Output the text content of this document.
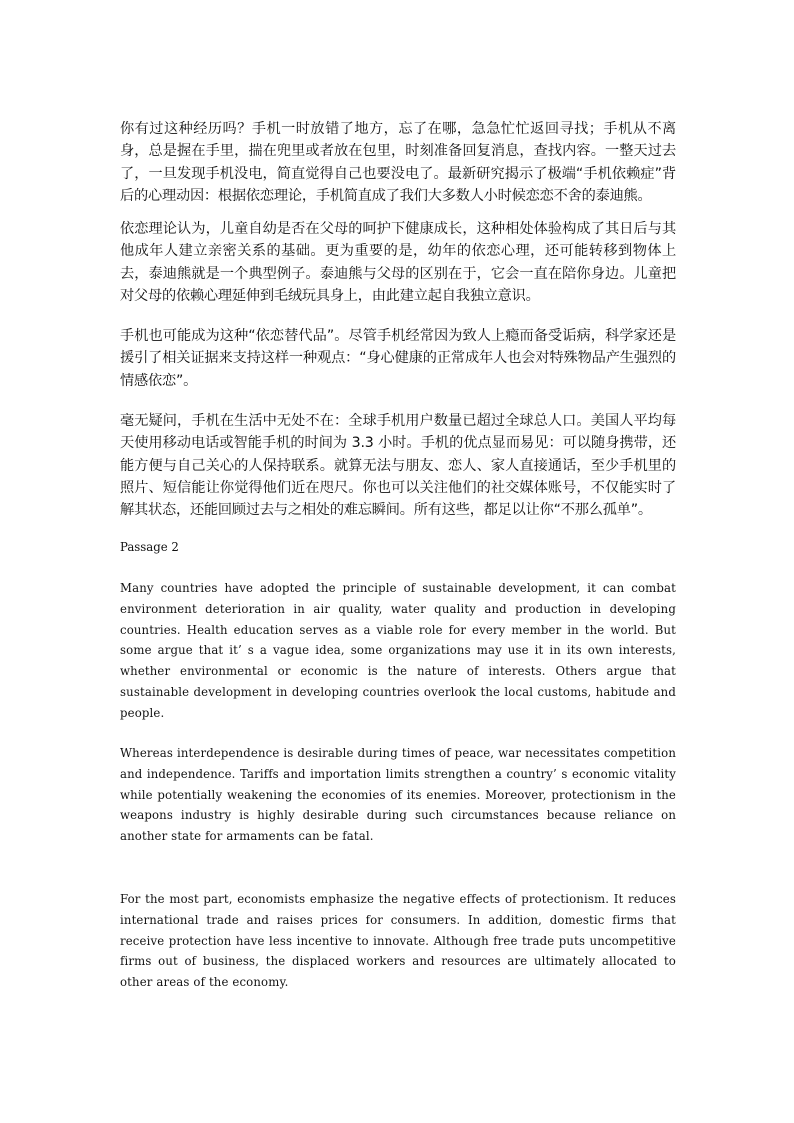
你有过这种经历吗？手机一时放错了地方，忘了在哪，急急忙忙返回寻找；手机从不离身，总是握在手里，揣在兜里或者放在包里，时刻准备回复消息，查找内容。一整天过去了，一旦发现手机没电，简直觉得自己也要没电了。最新研究揭示了极端“手机依赖症”背后的心理动因：根据依恋理论，手机简直成了我们大多数人小时候恋恋不舍的泰迪熊。

依恋理论认为，儿童自幼是否在父母的呵护下健康成长，这种相处体验构成了其日后与其他成年人建立亲密关系的基础。更为重要的是，幼年的依恋心理，还可能转移到物体上去，泰迪熊就是一个典型例子。泰迪熊与父母的区别在于，它会一直在陪你身边。儿童把对父母的依赖心理延伸到毛绒玩具身上，由此建立起自我独立意识。

手机也可能成为这种“依恋替代品”。尽管手机经常因为致人上瘾而备受诟病，科学家还是援引了相关证据来支持这样一种观点：“身心健康的正常成年人也会对特殊物品产生强烈的情感依恋”。

毫无疑问，手机在生活中无处不在：全球手机用户数量已超过全球总人口。美国人平均每天使用移动电话或智能手机的时间为 3.3 小时。手机的优点显而易见：可以随身携带，还能方便与自己关心的人保持联系。就算无法与朋友、恋人、家人直接通话，至少手机里的照片、短信能让你觉得他们近在咫尺。你也可以关注他们的社交媒体账号，不仅能实时了解其状态，还能回顾过去与之相处的难忘瞬间。所有这些，都足以让你“不那么孤单”。

Passage 2

Many countries have adopted the principle of sustainable development, it can combat environment deterioration in air quality, water quality and production in developing countries. Health education serves as a viable role for every member in the world. But some argue that it’ s a vague idea, some organizations may use it in its own interests, whether environmental or economic is the nature of interests. Others argue that sustainable development in developing countries overlook the local customs, habitude and people.

Whereas interdependence is desirable during times of peace, war necessitates competition and independence. Tariffs and importation limits strengthen a country’ s economic vitality while potentially weakening the economies of its enemies. Moreover, protectionism in the weapons industry is highly desirable during such circumstances because reliance on another state for armaments can be fatal.

For the most part, economists emphasize the negative effects of protectionism. It reduces international trade and raises prices for consumers. In addition, domestic firms that receive protection have less incentive to innovate. Although free trade puts uncompetitive firms out of business, the displaced workers and resources are ultimately allocated to other areas of the economy.
